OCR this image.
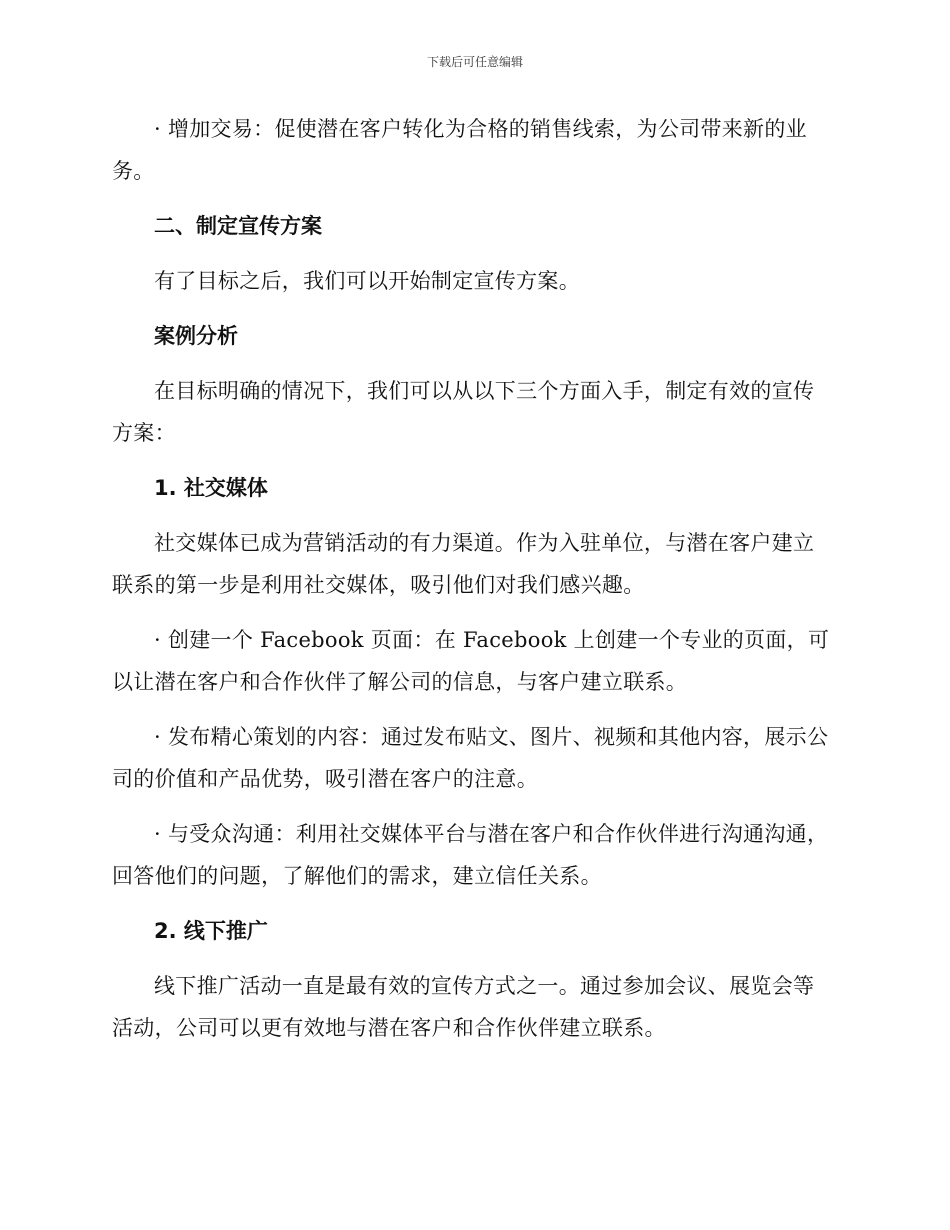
下载后可任意编辑

· 增加交易：促使潜在客户转化为合格的销售线索，为公司带来新的业务。

二、制定宣传方案

有了目标之后，我们可以开始制定宣传方案。

案例分析

在目标明确的情况下，我们可以从以下三个方面入手，制定有效的宣传方案：

1. 社交媒体

社交媒体已成为营销活动的有力渠道。作为入驻单位，与潜在客户建立联系的第一步是利用社交媒体，吸引他们对我们感兴趣。

· 创建一个 Facebook 页面：在 Facebook 上创建一个专业的页面，可以让潜在客户和合作伙伴了解公司的信息，与客户建立联系。

· 发布精心策划的内容：通过发布贴文、图片、视频和其他内容，展示公司的价值和产品优势，吸引潜在客户的注意。

· 与受众沟通：利用社交媒体平台与潜在客户和合作伙伴进行沟通沟通，回答他们的问题，了解他们的需求，建立信任关系。

2. 线下推广

线下推广活动一直是最有效的宣传方式之一。通过参加会议、展览会等活动，公司可以更有效地与潜在客户和合作伙伴建立联系。
